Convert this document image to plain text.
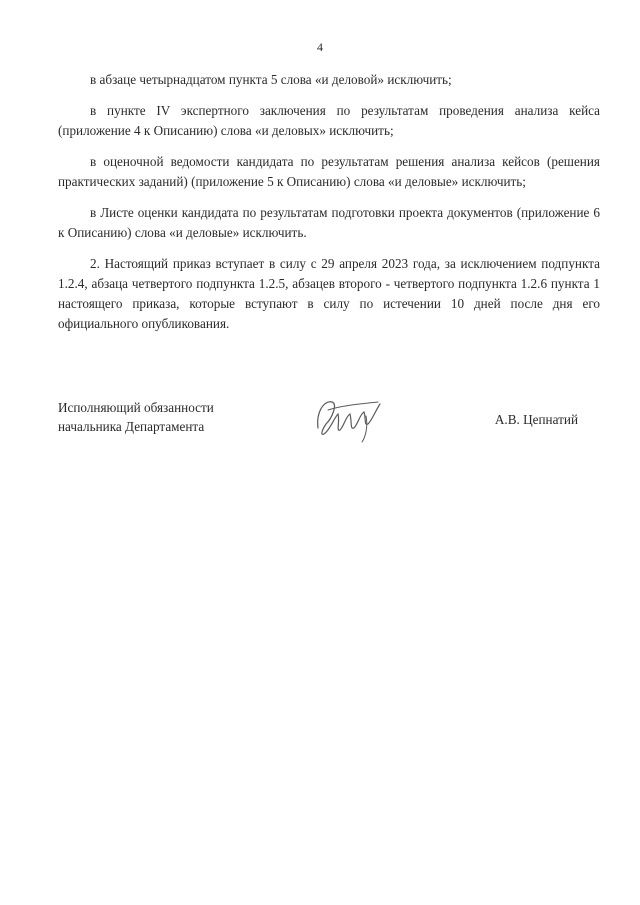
4

в абзаце четырнадцатом пункта 5 слова «и деловой» исключить;

в пункте IV экспертного заключения по результатам проведения анализа кейса (приложение 4 к Описанию) слова «и деловых» исключить;

в оценочной ведомости кандидата по результатам решения анализа кейсов (решения практических заданий) (приложение 5 к Описанию) слова «и деловые» исключить;

в Листе оценки кандидата по результатам подготовки проекта документов (приложение 6 к Описанию) слова «и деловые» исключить.

2. Настоящий приказ вступает в силу с 29 апреля 2023 года, за исключением подпункта 1.2.4, абзаца четвертого подпункта 1.2.5, абзацев второго - четвертого подпункта 1.2.6 пункта 1 настоящего приказа, которые вступают в силу по истечении 10 дней после дня его официального опубликования.

Исполняющий обязанности
начальника Департамента	А.В. Цепнатий
